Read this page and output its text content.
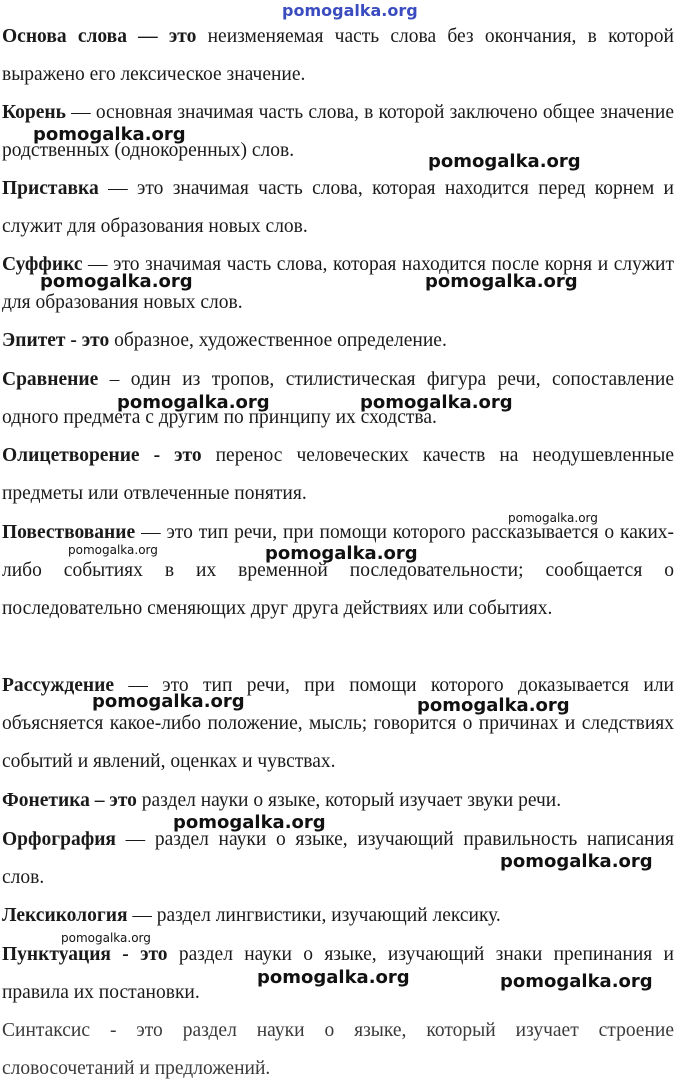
pomogalka.org

Основа слова — это неизменяемая часть слова без окончания, в которой выражено его лексическое значение.

Корень — основная значимая часть слова, в которой заключено общее значение родственных (однокоренных) слов.

Приставка — это значимая часть слова, которая находится перед корнем и служит для образования новых слов.

Суффикс — это значимая часть слова, которая находится после корня и служит для образования новых слов.

Эпитет - это образное, художественное определение.

Сравнение – один из тропов, стилистическая фигура речи, сопоставление одного предмета с другим по принципу их сходства.

Олицетворение - это перенос человеческих качеств на неодушевленные предметы или отвлеченные понятия.

Повествование — это тип речи, при помощи которого рассказывается о каких-либо событиях в их временной последовательности; сообщается о последовательно сменяющих друг друга действиях или событиях.

Рассуждение — это тип речи, при помощи которого доказывается или объясняется какое-либо положение, мысль; говорится о причинах и следствиях событий и явлений, оценках и чувствах.

Фонетика – это раздел науки о языке, который изучает звуки речи.

Орфография — раздел науки о языке, изучающий правильность написания слов.

Лексикология — раздел лингвистики, изучающий лексику.

Пунктуация - это раздел науки о языке, изучающий знаки препинания и правила их постановки.

Синтаксис - это раздел науки о языке, который изучает строение словосочетаний и предложений.

pomogalka.org
pomogalka.org
pomogalka.org	pomogalka.org
pomogalka.org	pomogalka.org
pomogalka.org
pomogalka.org	pomogalka.org
pomogalka.org	pomogalka.org
pomogalka.org
pomogalka.org
pomogalka.org
pomogalka.org	pomogalka.org
